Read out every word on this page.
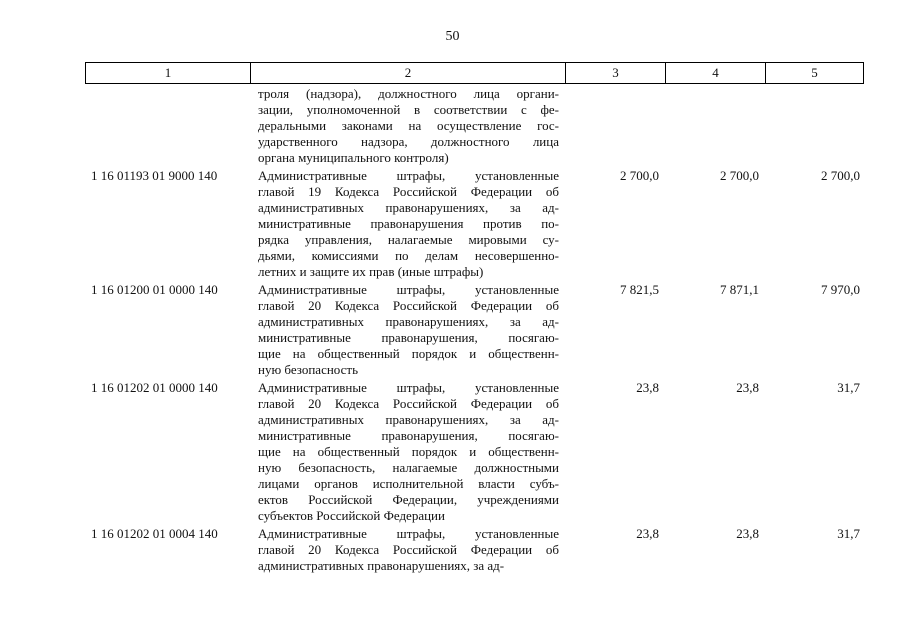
50
1	2	3	4	5
троля (надзора), должностного лица органи-
зации, уполномоченной в соответствии с фе-
деральными законами на осуществление гос-
ударственного надзора, должностного лица
органа муниципального контроля)
1 16 01193 01 9000 140	Административные штрафы, установленные
главой 19 Кодекса Российской Федерации об
административных правонарушениях, за ад-
министративные правонарушения против по-
рядка управления, налагаемые мировыми су-
дьями, комиссиями по делам несовершенно-
летних и защите их прав (иные штрафы)
2 700,0	2 700,0	2 700,0
1 16 01200 01 0000 140	Административные штрафы, установленные
главой 20 Кодекса Российской Федерации об
административных правонарушениях, за ад-
министративные правонарушения, посягаю-
щие на общественный порядок и общественн-
ную безопасность
7 821,5	7 871,1	7 970,0
1 16 01202 01 0000 140	Административные штрафы, установленные
главой 20 Кодекса Российской Федерации об
административных правонарушениях, за ад-
министративные правонарушения, посягаю-
щие на общественный порядок и общественн-
ную безопасность, налагаемые должностными
лицами органов исполнительной власти субъ-
ектов Российской Федерации, учреждениями
субъектов Российской Федерации
23,8	23,8	31,7
1 16 01202 01 0004 140	Административные штрафы, установленные
главой 20 Кодекса Российской Федерации об
административных правонарушениях, за ад-
23,8	23,8	31,7
